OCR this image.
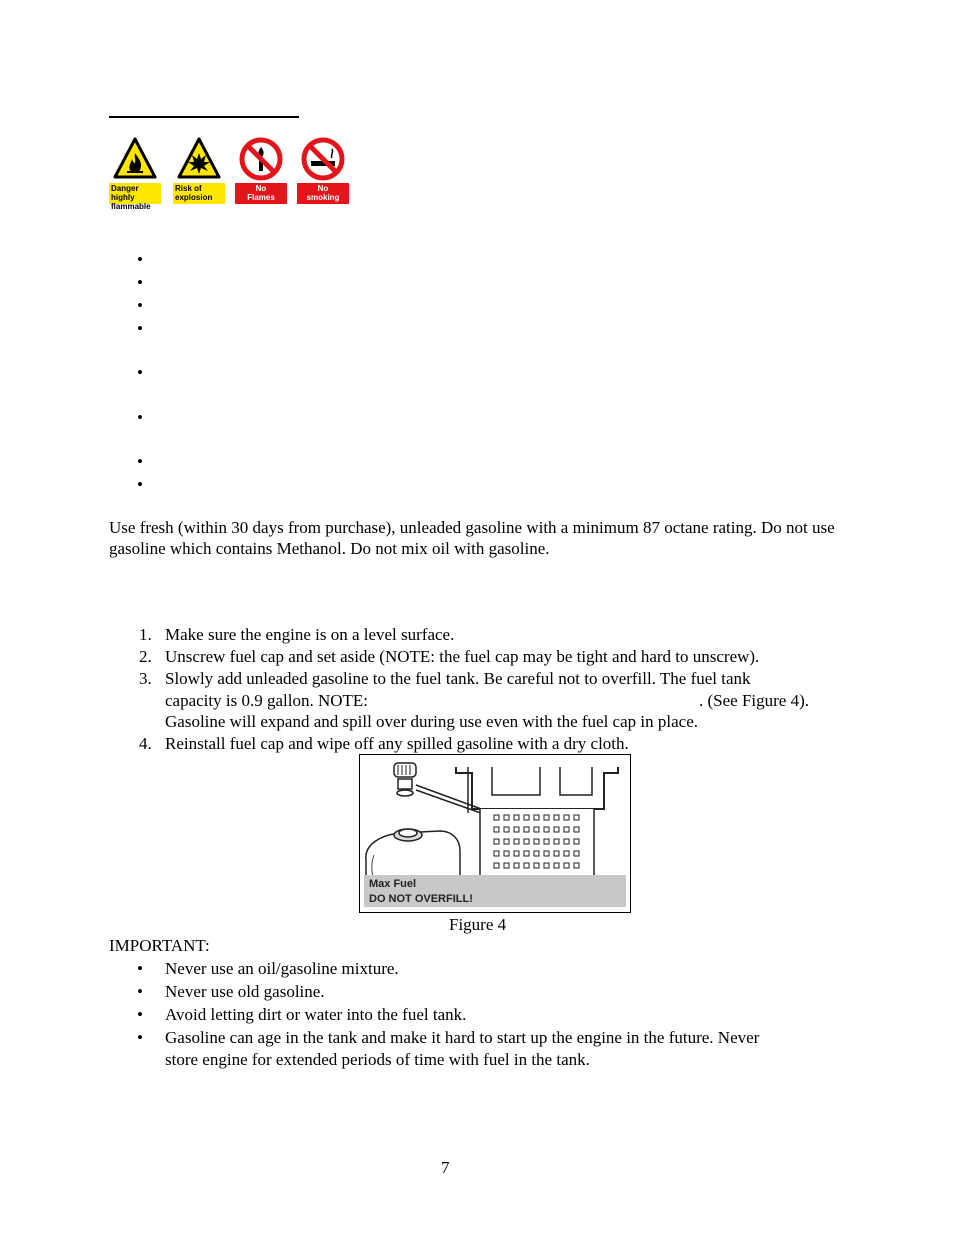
Danger highly
flammable
Risk of
explosion
No
Flames
No
smoking
•
•
•
•
•
•
•
•
Use fresh (within 30 days from purchase), unleaded gasoline with a minimum 87 octane rating. Do not use gasoline which contains Methanol. Do not mix oil with gasoline.
1. Make sure the engine is on a level surface.
2. Unscrew fuel cap and set aside (NOTE: the fuel cap may be tight and hard to unscrew).
3. Slowly add unleaded gasoline to the fuel tank. Be careful not to overfill. The fuel tank
capacity is 0.9 gallon. NOTE:	. (See Figure 4).
Gasoline will expand and spill over during use even with the fuel cap in place.
4. Reinstall fuel cap and wipe off any spilled gasoline with a dry cloth.
Max Fuel
DO NOT OVERFILL!
Figure 4
IMPORTANT:
• Never use an oil/gasoline mixture.
• Never use old gasoline.
• Avoid letting dirt or water into the fuel tank.
• Gasoline can age in the tank and make it hard to start up the engine in the future. Never
store engine for extended periods of time with fuel in the tank.
7
